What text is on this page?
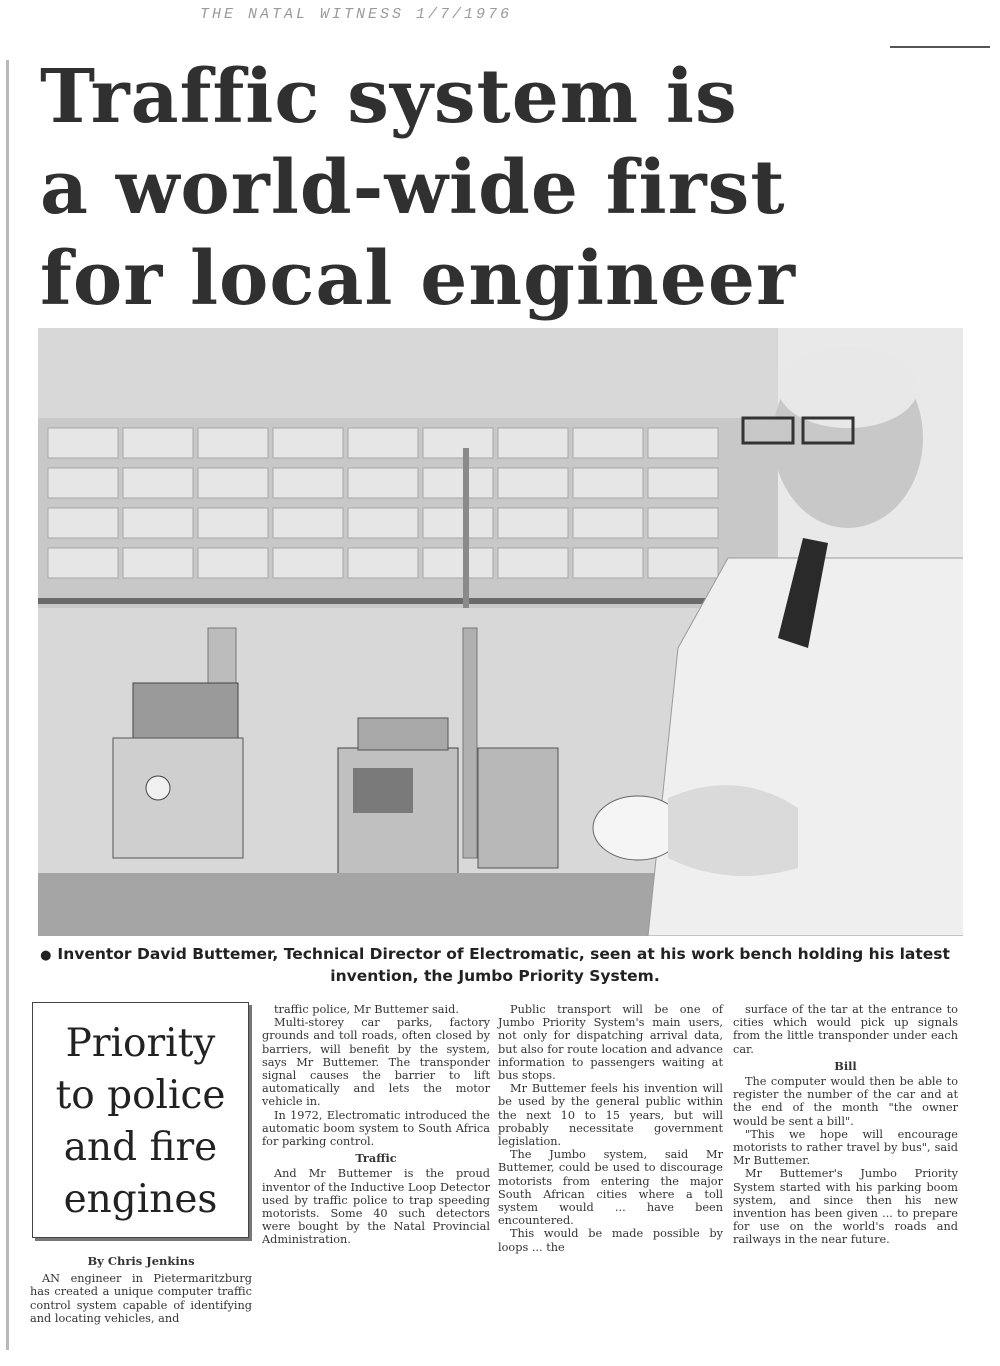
THE NATAL WITNESS 1/7/1976
Traffic system is
a world-wide first
for local engineer
● Inventor David Buttemer, Technical Director of Electromatic, seen at his work bench holding his latest invention, the Jumbo Priority System.
Priority
to police
and fire
engines
By Chris Jenkins

AN engineer in Pietermaritzburg has created a unique computer traffic control system capable of identifying and locating vehicles, and

traffic police, Mr Buttemer said.

Multi-storey car parks, factory grounds and toll roads, often closed by barriers, will benefit by the system, says Mr Buttemer. The transponder signal causes the barrier to lift automatically and lets the motor vehicle in.

In 1972, Electromatic introduced the automatic boom system to South Africa for parking control.

Traffic

And Mr Buttemer is the proud inventor of the Inductive Loop Detector used by traffic police to trap speeding motorists. Some 40 such detectors were bought by the Natal Provincial Administration.

Public transport will be one of Jumbo Priority System's main users, not only for dispatching arrival data, but also for route location and advance information to passengers waiting at bus stops.

Mr Buttemer feels his invention will be used by the general public within the next 10 to 15 years, but will probably necessitate government legislation.

The Jumbo system, said Mr Buttemer, could be used to discourage motorists from entering the major South African cities where a toll system would ... have been encountered.

This would be made possible by loops ... the

surface of the tar at the entrance to cities which would pick up signals from the little transponder under each car.

Bill

The computer would then be able to register the number of the car and at the end of the month "the owner would be sent a bill".

"This we hope will encourage motorists to rather travel by bus", said Mr Buttemer.

Mr Buttemer's Jumbo Priority System started with his parking boom system, and since then his new invention has been given ... to prepare for use on the world's roads and railways in the near future.
